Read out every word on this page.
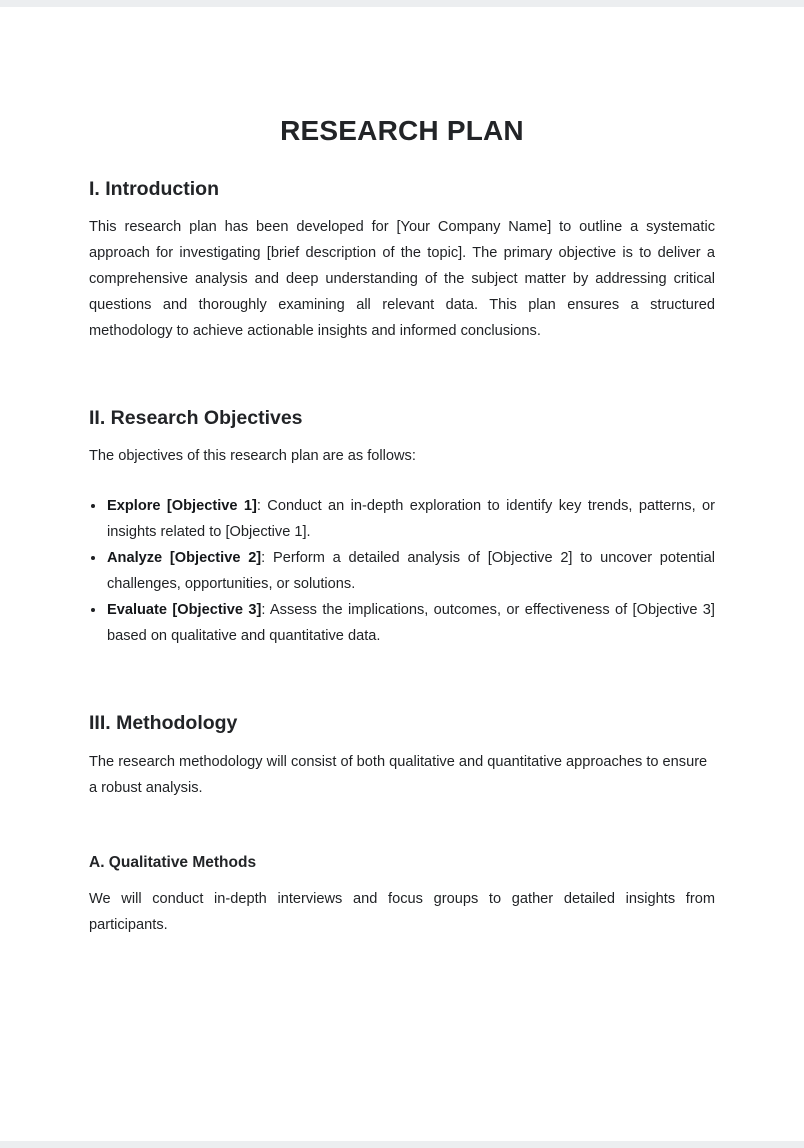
RESEARCH PLAN
I. Introduction

This research plan has been developed for [Your Company Name] to outline a systematic approach for investigating [brief description of the topic]. The primary objective is to deliver a comprehensive analysis and deep understanding of the subject matter by addressing critical questions and thoroughly examining all relevant data. This plan ensures a structured methodology to achieve actionable insights and informed conclusions.

II. Research Objectives

The objectives of this research plan are as follows:

Explore [Objective 1]: Conduct an in-depth exploration to identify key trends, patterns, or insights related to [Objective 1].
Analyze [Objective 2]: Perform a detailed analysis of [Objective 2] to uncover potential challenges, opportunities, or solutions.
Evaluate [Objective 3]: Assess the implications, outcomes, or effectiveness of [Objective 3] based on qualitative and quantitative data.
III. Methodology

The research methodology will consist of both qualitative and quantitative approaches to ensure a robust analysis.

A. Qualitative Methods

We will conduct in-depth interviews and focus groups to gather detailed insights from participants.
